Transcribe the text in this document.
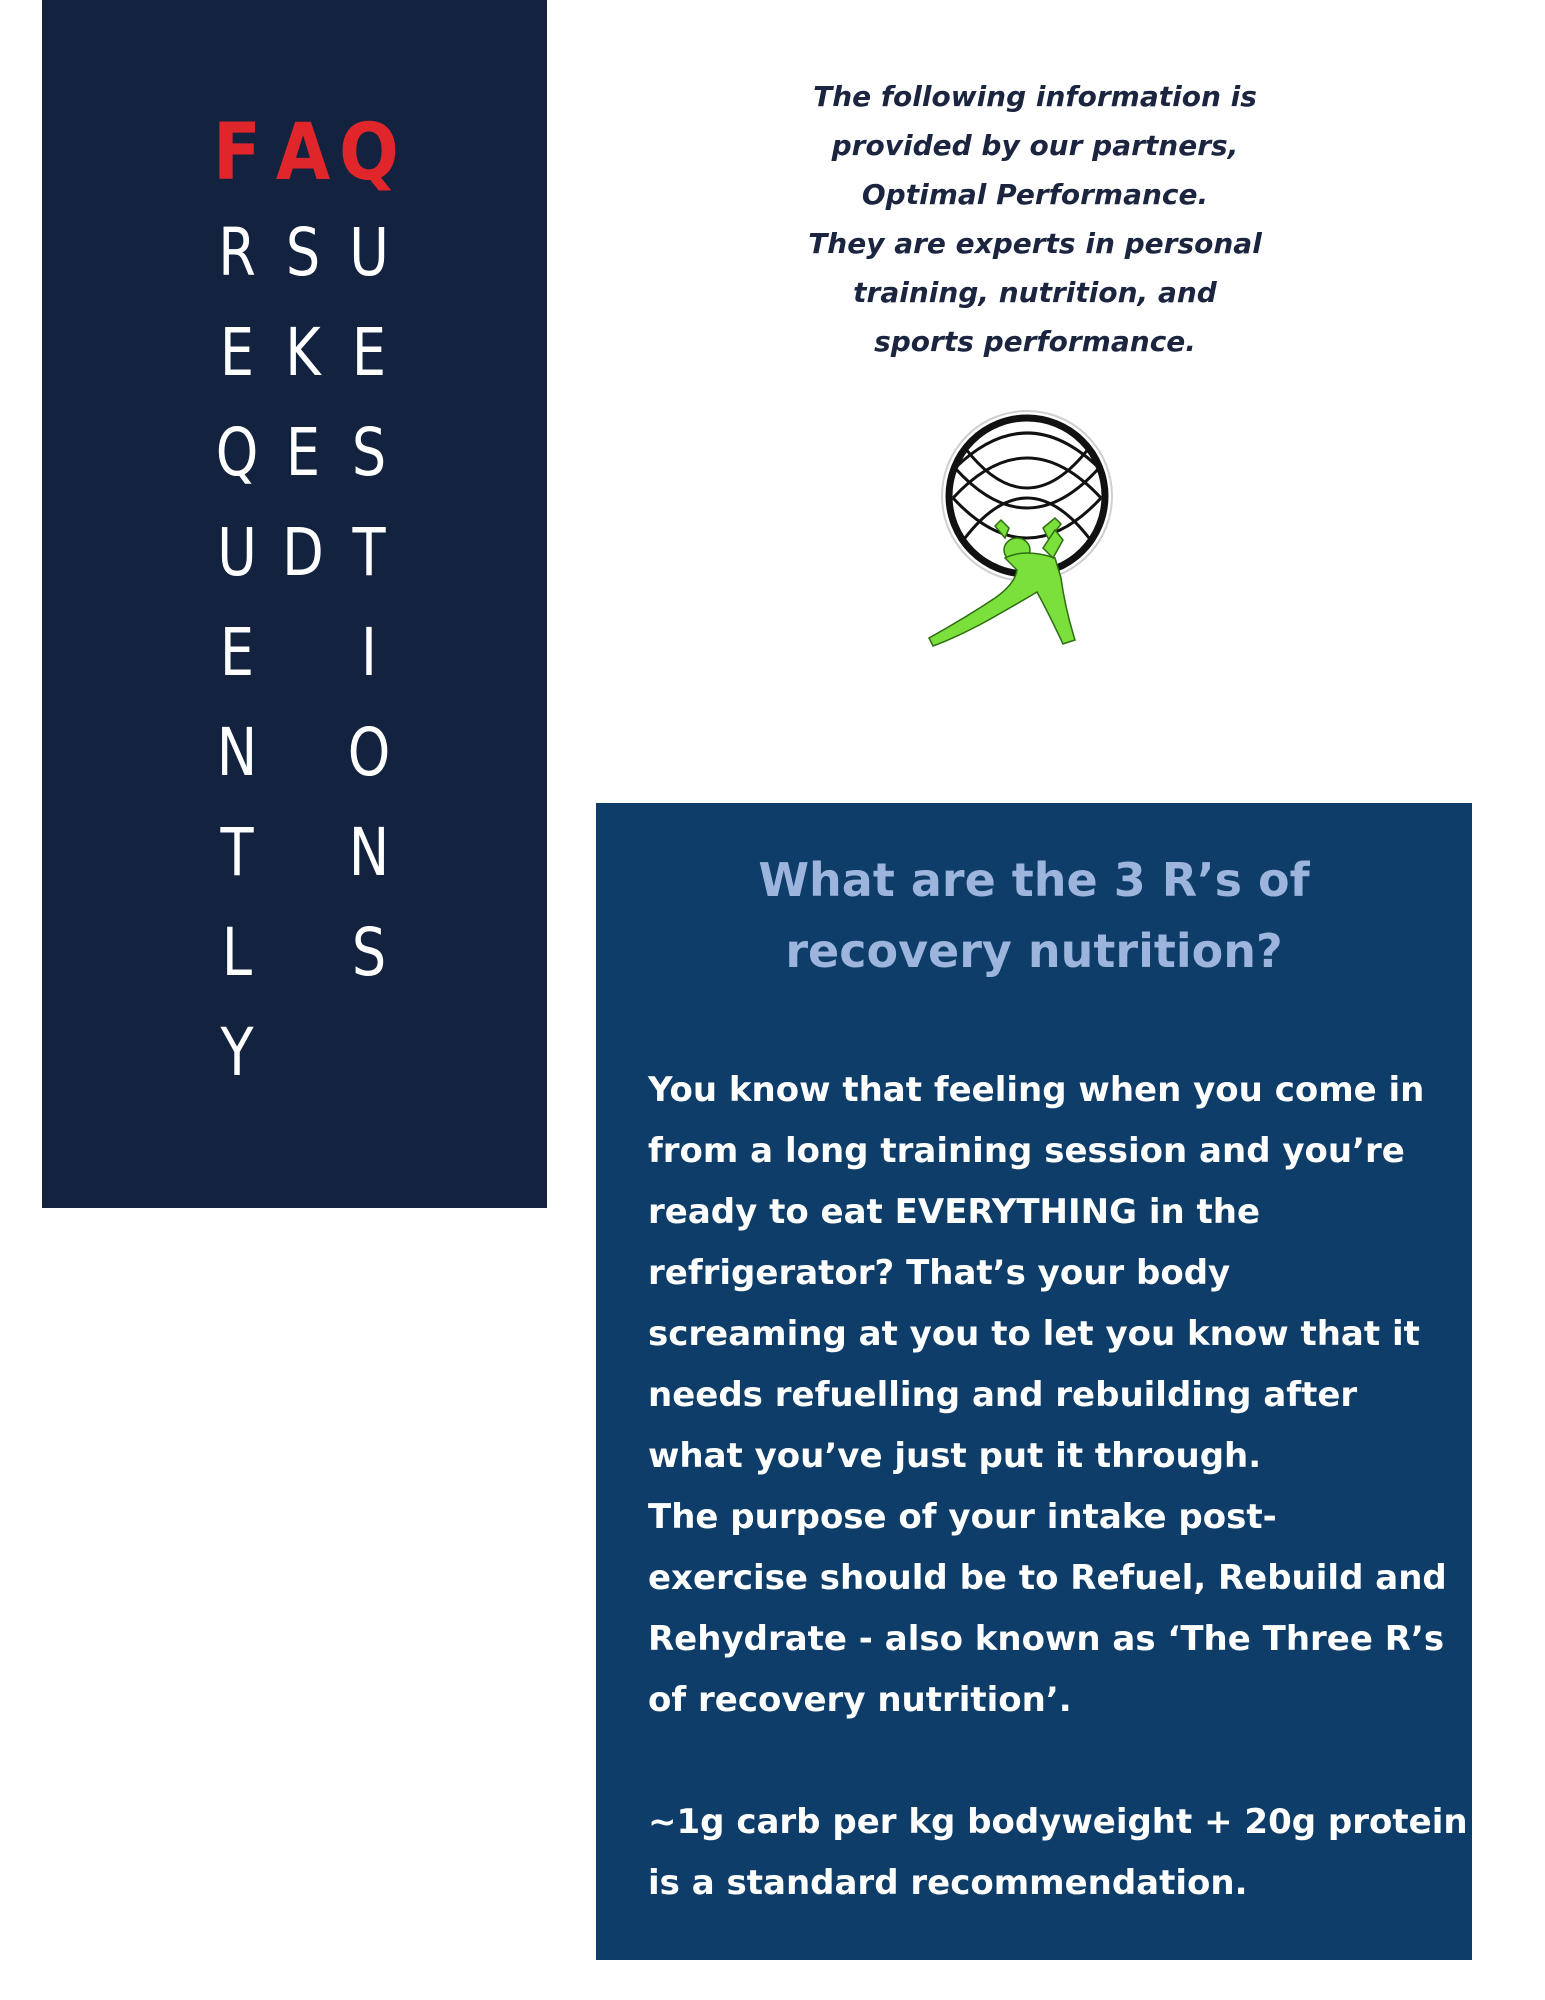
F
R
E
Q
U
E
N
T
L
Y
A
S
K
E
D
Q
U
E
S
T
I
O
N
S
The following information is
provided by our partners,
Optimal Performance.
They are experts in personal
training, nutrition, and
sports performance.
What are the 3 R’s of
recovery nutrition?
You know that feeling when you come in
from a long training session and you’re
ready to eat EVERYTHING in the
refrigerator? That’s your body
screaming at you to let you know that it
needs refuelling and rebuilding after
what you’ve just put it through.
The purpose of your intake post-
exercise should be to Refuel, Rebuild and
Rehydrate - also known as ‘The Three R’s
of recovery nutrition’.
~1g carb per kg bodyweight + 20g protein
is a standard recommendation.
